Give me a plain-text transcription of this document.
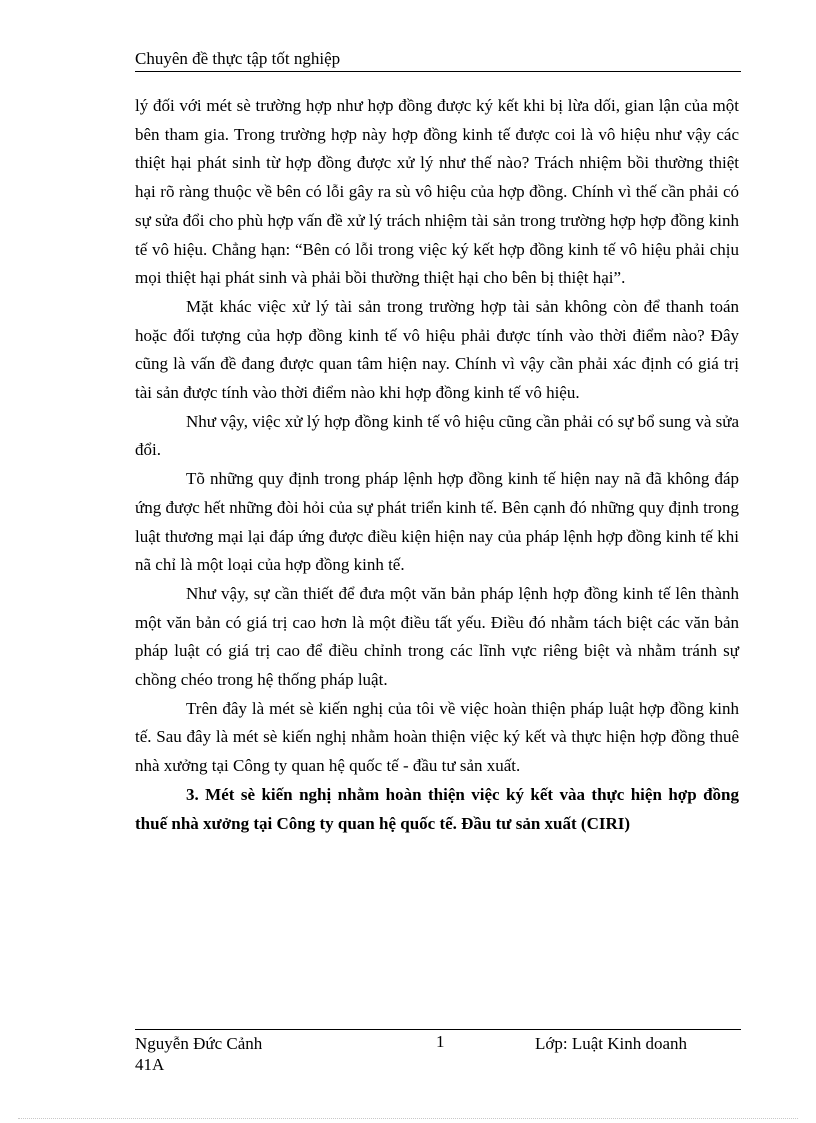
Chuyên đề thực tập tốt nghiệp

lý đối với mét sè trường hợp như hợp đồng được ký kết khi bị lừa dối, gian lận của một bên tham gia. Trong trường hợp này hợp đồng kinh tế được coi là vô hiệu như vậy các thiệt hại phát sinh từ hợp đồng được xử lý như thế nào? Trách nhiệm bồi thường thiệt hại rõ ràng thuộc về bên có lỗi gây ra sù vô hiệu của hợp đồng. Chính vì thế cần phải có sự sửa đổi cho phù hợp vấn đề xử lý trách nhiệm tài sản trong trường hợp hợp đồng kinh tế vô hiệu. Chẳng hạn: “Bên có lỗi trong việc ký kết hợp đồng kinh tế vô hiệu phải chịu mọi thiệt hại phát sinh và phải bồi thường thiệt hại cho bên bị thiệt hại”.

Mặt khác việc xử lý tài sản trong trường hợp tài sản không còn để thanh toán hoặc đối tượng của hợp đồng kinh tế vô hiệu phải được tính vào thời điểm nào? Đây cũng là vấn đề đang được quan tâm hiện nay. Chính vì vậy cần phải xác định có giá trị tài sản được tính vào thời điểm nào khi hợp đồng kinh tế vô hiệu.

Như vậy, việc xử lý hợp đồng kinh tế vô hiệu cũng cần phải có sự bổ sung và sửa đổi.

Tõ những quy định trong pháp lệnh hợp đồng kinh tế hiện nay nã đã không đáp ứng được hết những đòi hỏi của sự phát triển kinh tế. Bên cạnh đó những quy định trong luật thương mại lại đáp ứng được điều kiện hiện nay của pháp lệnh hợp đồng kinh tế khi nã chỉ là một loại của hợp đồng kinh tế.

Như vậy, sự cần thiết để đưa một văn bản pháp lệnh hợp đồng kinh tế lên thành một văn bản có giá trị cao hơn là một điều tất yếu. Điều đó nhằm tách biệt các văn bản pháp luật có giá trị cao để điều chỉnh trong các lĩnh vực riêng biệt và nhằm tránh sự chồng chéo trong hệ thống pháp luật.

Trên đây là mét sè kiến nghị của tôi về việc hoàn thiện pháp luật hợp đồng kinh tế. Sau đây là mét sè kiến nghị nhằm hoàn thiện việc ký kết và thực hiện hợp đồng thuê nhà xưởng tại Công ty quan hệ quốc tế - đầu tư sản xuất.

3. Mét sè kiến nghị nhằm hoàn thiện việc ký kết vàa thực hiện hợp đồng thuế nhà xưởng tại Công ty quan hệ quốc tế. Đầu tư sản xuất (CIRI)

Nguyễn Đức Cảnh
41A
1	Lớp: Luật Kinh doanh
